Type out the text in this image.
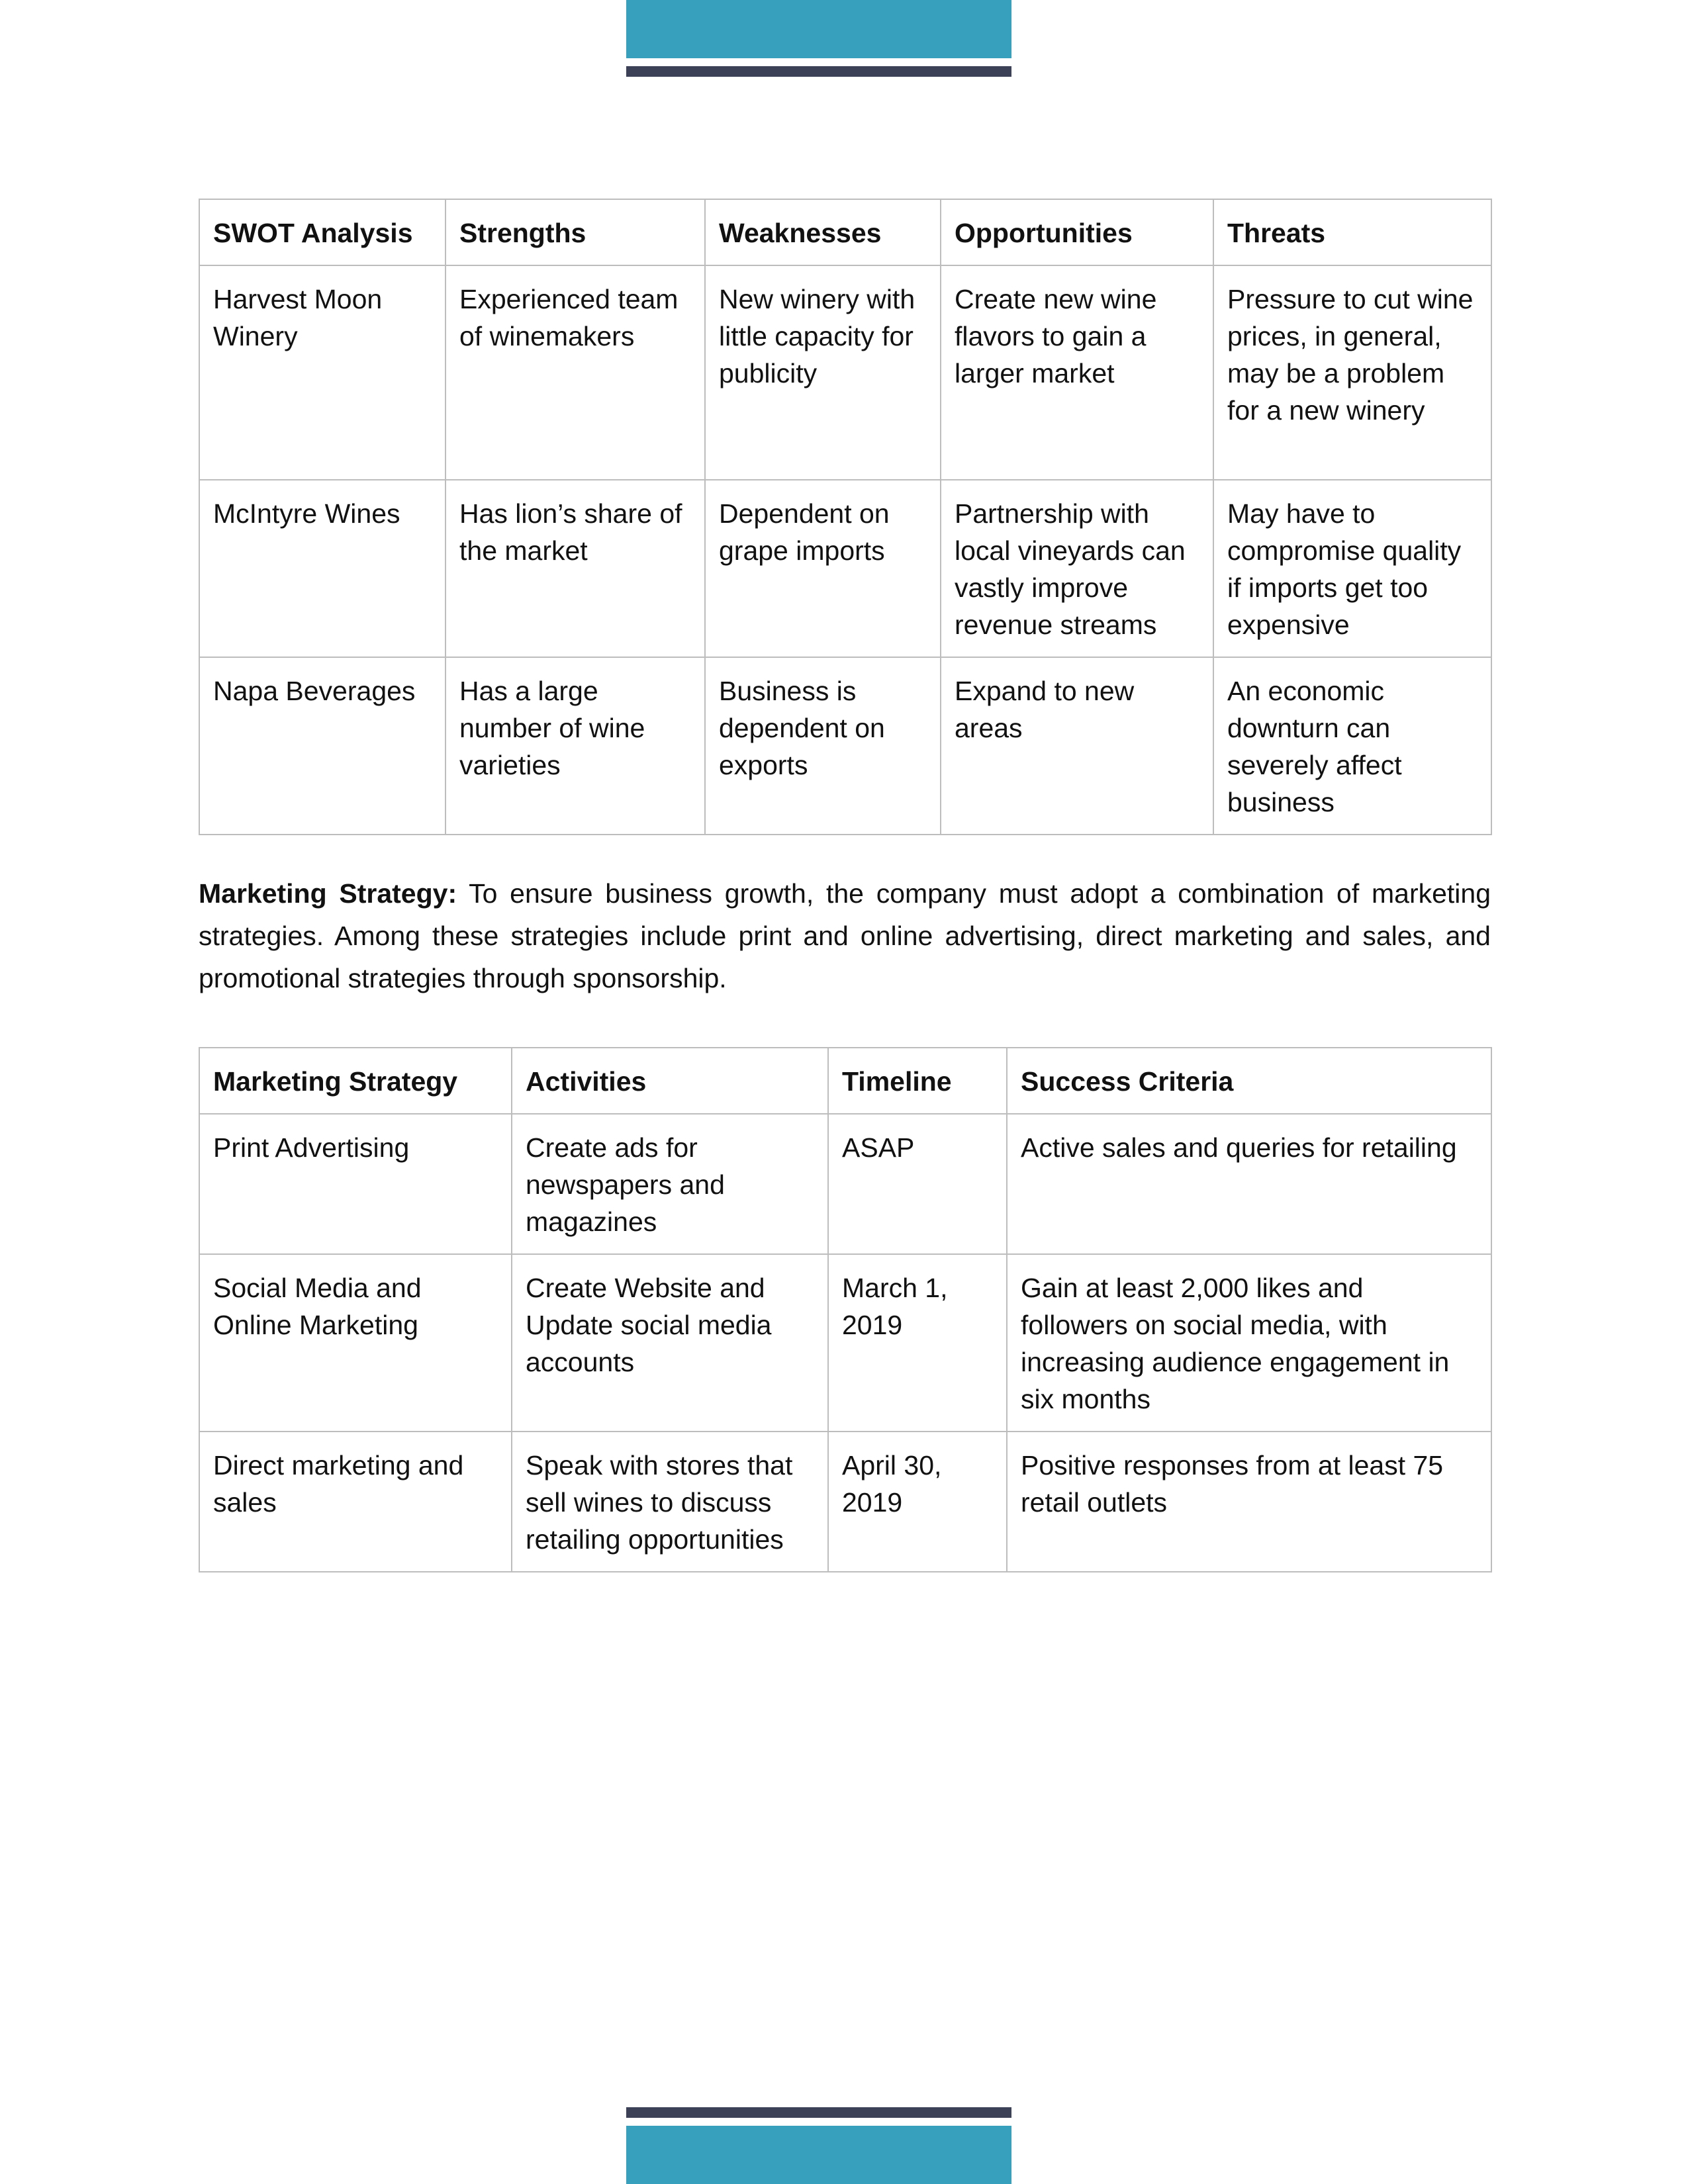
SWOT Analysis	Strengths	Weaknesses	Opportunities	Threats
Harvest Moon Winery	Experienced team of winemakers	New winery with little capacity for publicity	Create new wine flavors to gain a larger market	Pressure to cut wine prices, in general, may be a problem for a new winery
McIntyre Wines	Has lion’s share of the market	Dependent on grape imports	Partnership with local vineyards can vastly improve revenue streams	May have to compromise quality if imports get too expensive
Napa Beverages	Has a large number of wine varieties	Business is dependent on exports	Expand to new areas	An economic downturn can severely affect business

Marketing Strategy: To ensure business growth, the company must adopt a combination of marketing strategies. Among these strategies include print and online advertising, direct marketing and sales, and promotional strategies through sponsorship.

Marketing Strategy	Activities	Timeline	Success Criteria
Print Advertising	Create ads for newspapers and magazines	ASAP	Active sales and queries for retailing
Social Media and Online Marketing	Create Website and Update social media accounts	March 1, 2019	Gain at least 2,000 likes and followers on social media, with increasing audience engagement in six months
Direct marketing and sales	Speak with stores that sell wines to discuss retailing opportunities	April 30, 2019	Positive responses from at least 75 retail outlets
